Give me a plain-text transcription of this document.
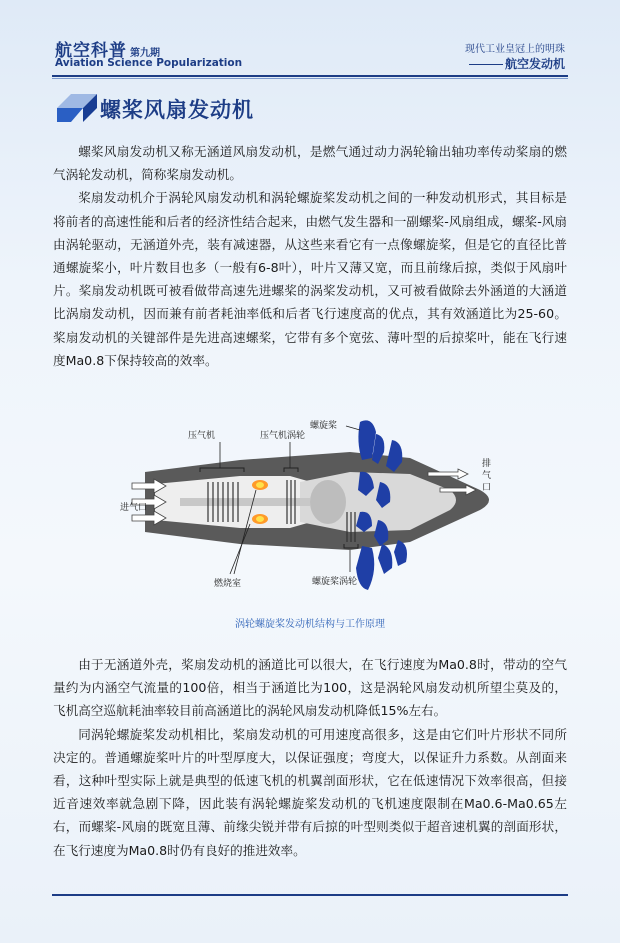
航空科普 第九期
Aviation Science Popularization
现代工业皇冠上的明珠
航空发动机
螺桨风扇发动机

螺桨风扇发动机又称无涵道风扇发动机，是燃气通过动力涡轮输出轴功率传动桨扇的燃气涡轮发动机，简称桨扇发动机。

桨扇发动机介于涡轮风扇发动机和涡轮螺旋桨发动机之间的一种发动机形式，其目标是将前者的高速性能和后者的经济性结合起来，由燃气发生器和一副螺桨-风扇组成，螺桨-风扇由涡轮驱动，无涵道外壳，装有减速器，从这些来看它有一点像螺旋桨，但是它的直径比普通螺旋桨小，叶片数目也多（一般有6-8叶），叶片又薄又宽，而且前缘后掠，类似于风扇叶片。桨扇发动机既可被看做带高速先进螺桨的涡桨发动机，又可被看做除去外涵道的大涵道比涡扇发动机，因而兼有前者耗油率低和后者飞行速度高的优点，其有效涵道比为25-60。桨扇发动机的关键部件是先进高速螺桨，它带有多个宽弦、薄叶型的后掠桨叶，能在飞行速度Ma0.8下保持较高的效率。

压气机	压气机涡轮
螺旋桨
进气口
排
气
口
燃烧室	螺旋桨涡轮
涡轮螺旋桨发动机结构与工作原理

由于无涵道外壳，桨扇发动机的涵道比可以很大，在飞行速度为Ma0.8时，带动的空气量约为内涵空气流量的100倍，相当于涵道比为100，这是涡轮风扇发动机所望尘莫及的，飞机高空巡航耗油率较目前高涵道比的涡轮风扇发动机降低15%左右。

同涡轮螺旋桨发动机相比，桨扇发动机的可用速度高很多，这是由它们叶片形状不同所决定的。普通螺旋桨叶片的叶型厚度大，以保证强度；弯度大，以保证升力系数。从剖面来看，这种叶型实际上就是典型的低速飞机的机翼剖面形状，它在低速情况下效率很高，但接近音速效率就急剧下降，因此装有涡轮螺旋桨发动机的飞机速度限制在Ma0.6-Ma0.65左右，而螺桨-风扇的既宽且薄、前缘尖锐并带有后掠的叶型则类似于超音速机翼的剖面形状，在飞行速度为Ma0.8时仍有良好的推进效率。
